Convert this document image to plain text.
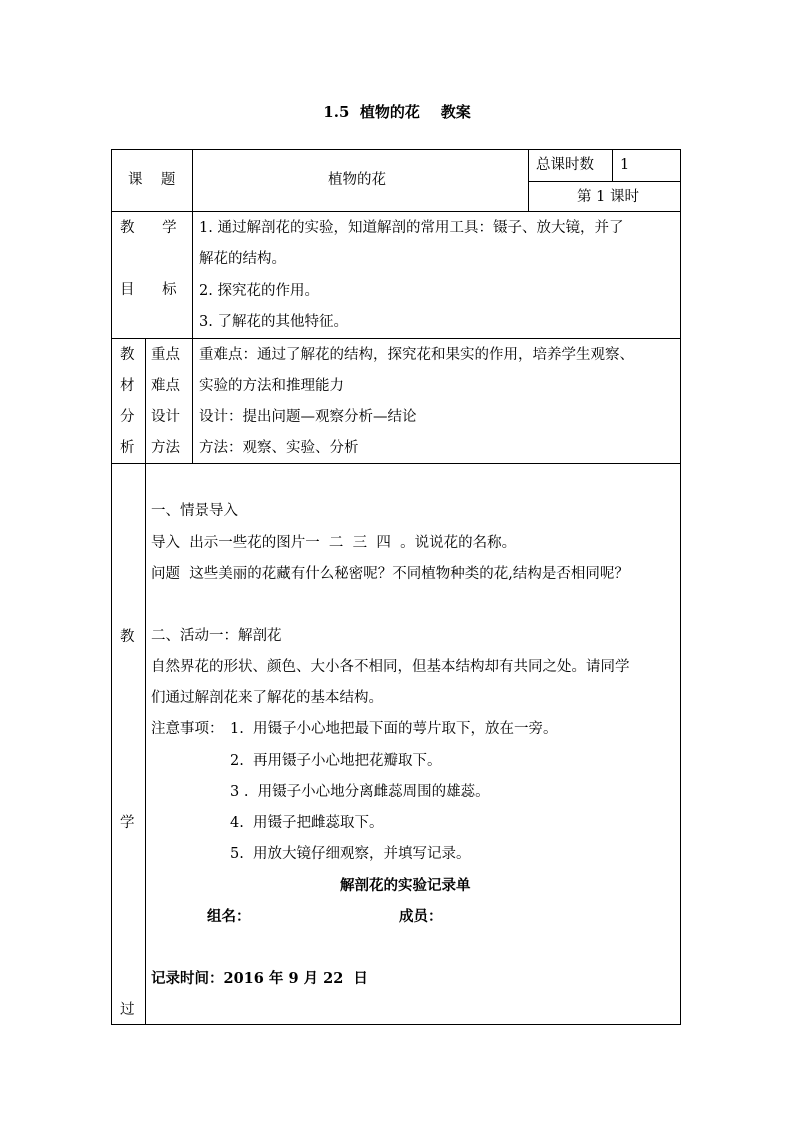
1.5  植物的花    教案
课    题	植物的花
总课时数 1
第 1 课时
教      学
目      标
1. 通过解剖花的实验，知道解剖的常用工具：镊子、放大镜，并了
解花的结构。
2. 探究花的作用。
3. 了解花的其他特征。
教
材
分
析
重点
难点
设计
方法
重难点：通过了解花的结构，探究花和果实的作用，培养学生观察、
实验的方法和推理能力
设计：提出问题—观察分析—结论
方法：观察、实验、分析
教
学
过
一、情景导入
导入  出示一些花的图片一  二  三  四  。说说花的名称。
问题  这些美丽的花藏有什么秘密呢？不同植物种类的花,结构是否相同呢？
二、活动一：解剖花
自然界花的形状、颜色、大小各不相同，但基本结构却有共同之处。请同学
们通过解剖花来了解花的基本结构。
注意事项： 1.  用镊子小心地把最下面的萼片取下，放在一旁。
2.  再用镊子小心地把花瓣取下。
3 .  用镊子小心地分离雌蕊周围的雄蕊。
4.  用镊子把雌蕊取下。
5.  用放大镜仔细观察，并填写记录。
解剖花的实验记录单
组名：	成员：
记录时间：2016 年 9 月 22  日
